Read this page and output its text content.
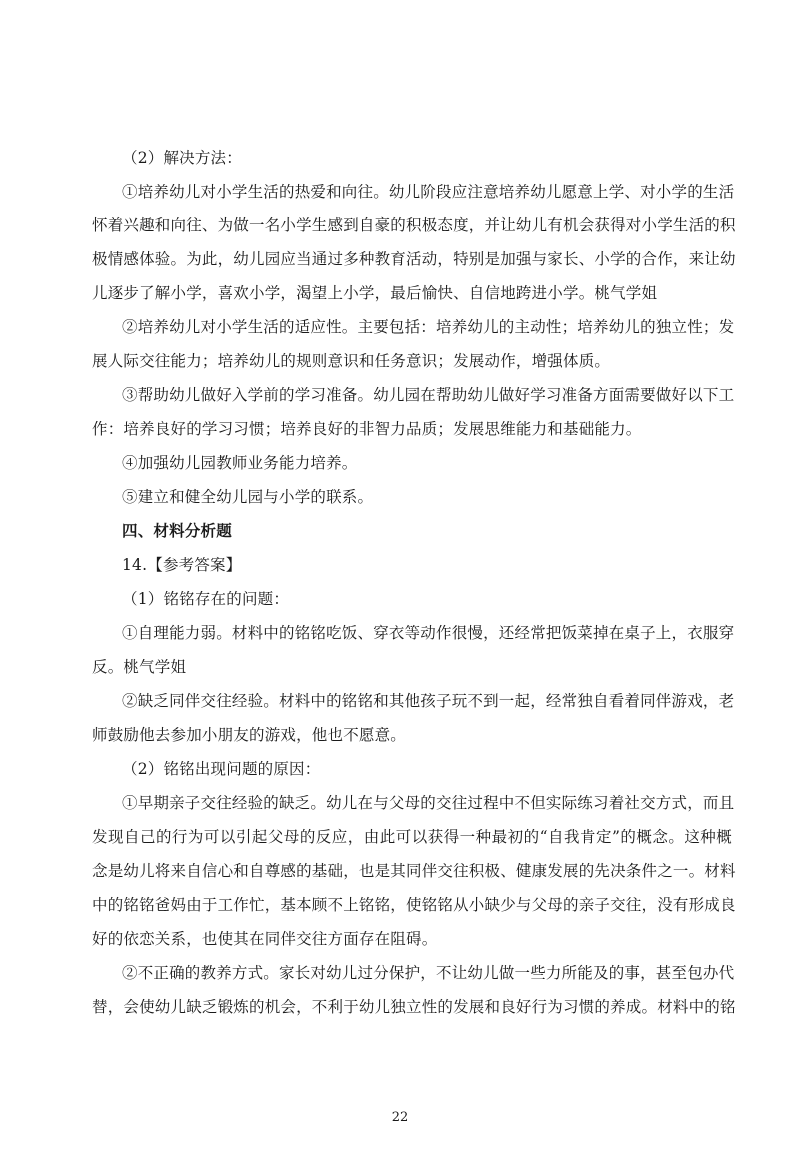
（2）解决方法：
①培养幼儿对小学生活的热爱和向往。幼儿阶段应注意培养幼儿愿意上学、对小学的生活
怀着兴趣和向往、为做一名小学生感到自豪的积极态度，并让幼儿有机会获得对小学生活的积
极情感体验。为此，幼儿园应当通过多种教育活动，特别是加强与家长、小学的合作，来让幼
儿逐步了解小学，喜欢小学，渴望上小学，最后愉快、自信地跨进小学。桃气学姐
②培养幼儿对小学生活的适应性。主要包括：培养幼儿的主动性；培养幼儿的独立性；发
展人际交往能力；培养幼儿的规则意识和任务意识；发展动作，增强体质。
③帮助幼儿做好入学前的学习准备。幼儿园在帮助幼儿做好学习准备方面需要做好以下工
作：培养良好的学习习惯；培养良好的非智力品质；发展思维能力和基础能力。
④加强幼儿园教师业务能力培养。
⑤建立和健全幼儿园与小学的联系。
四、材料分析题
14.【参考答案】
（1）铭铭存在的问题：
①自理能力弱。材料中的铭铭吃饭、穿衣等动作很慢，还经常把饭菜掉在桌子上，衣服穿
反。桃气学姐
②缺乏同伴交往经验。材料中的铭铭和其他孩子玩不到一起，经常独自看着同伴游戏，老
师鼓励他去参加小朋友的游戏，他也不愿意。
（2）铭铭出现问题的原因：
①早期亲子交往经验的缺乏。幼儿在与父母的交往过程中不但实际练习着社交方式，而且
发现自己的行为可以引起父母的反应，由此可以获得一种最初的“自我肯定”的概念。这种概
念是幼儿将来自信心和自尊感的基础，也是其同伴交往积极、健康发展的先决条件之一。材料
中的铭铭爸妈由于工作忙，基本顾不上铭铭，使铭铭从小缺少与父母的亲子交往，没有形成良
好的依恋关系，也使其在同伴交往方面存在阻碍。
②不正确的教养方式。家长对幼儿过分保护，不让幼儿做一些力所能及的事，甚至包办代
替，会使幼儿缺乏锻炼的机会，不利于幼儿独立性的发展和良好行为习惯的养成。材料中的铭
22
